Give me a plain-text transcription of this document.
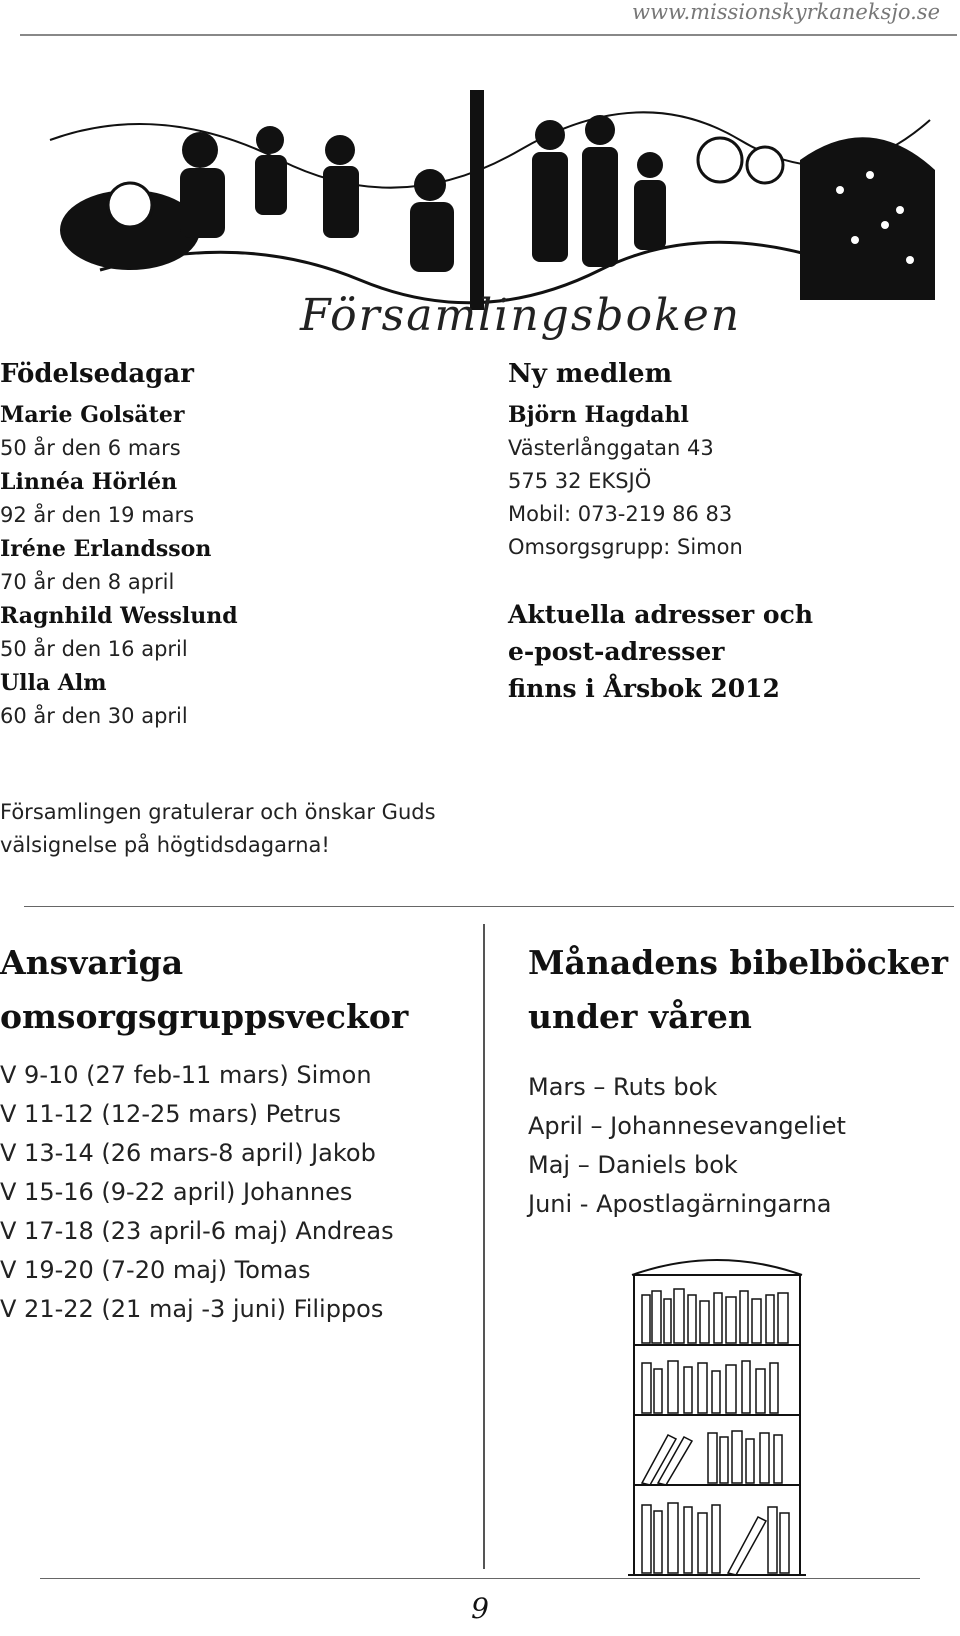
www.missionskyrkaneksjo.se
Församlingsboken
Födelsedagar
Marie Golsäter
50 år den 6 mars
Linnéa Hörlén
92 år den 19 mars
Iréne Erlandsson
70 år den 8 april
Ragnhild Wesslund
50 år den 16 april
Ulla Alm
60 år den 30 april
Församlingen gratulerar och önskar Guds
välsignelse på högtidsdagarna!
Ny medlem
Björn Hagdahl
Västerlånggatan 43
575 32 EKSJÖ
Mobil: 073-219 86 83
Omsorgsgrupp: Simon
Aktuella adresser och
e-post-adresser
finns i Årsbok 2012
Ansvariga
omsorgsgruppsveckor
V 9-10 (27 feb-11 mars) Simon
V 11-12 (12-25 mars) Petrus
V 13-14 (26 mars-8 april) Jakob
V 15-16 (9-22 april) Johannes
V 17-18 (23 april-6 maj) Andreas
V 19-20 (7-20 maj) Tomas
V 21-22 (21 maj -3 juni) Filippos
Månadens bibelböcker
under våren
Mars – Ruts bok
April – Johannesevangeliet
Maj – Daniels bok
Juni - Apostlagärningarna
9
